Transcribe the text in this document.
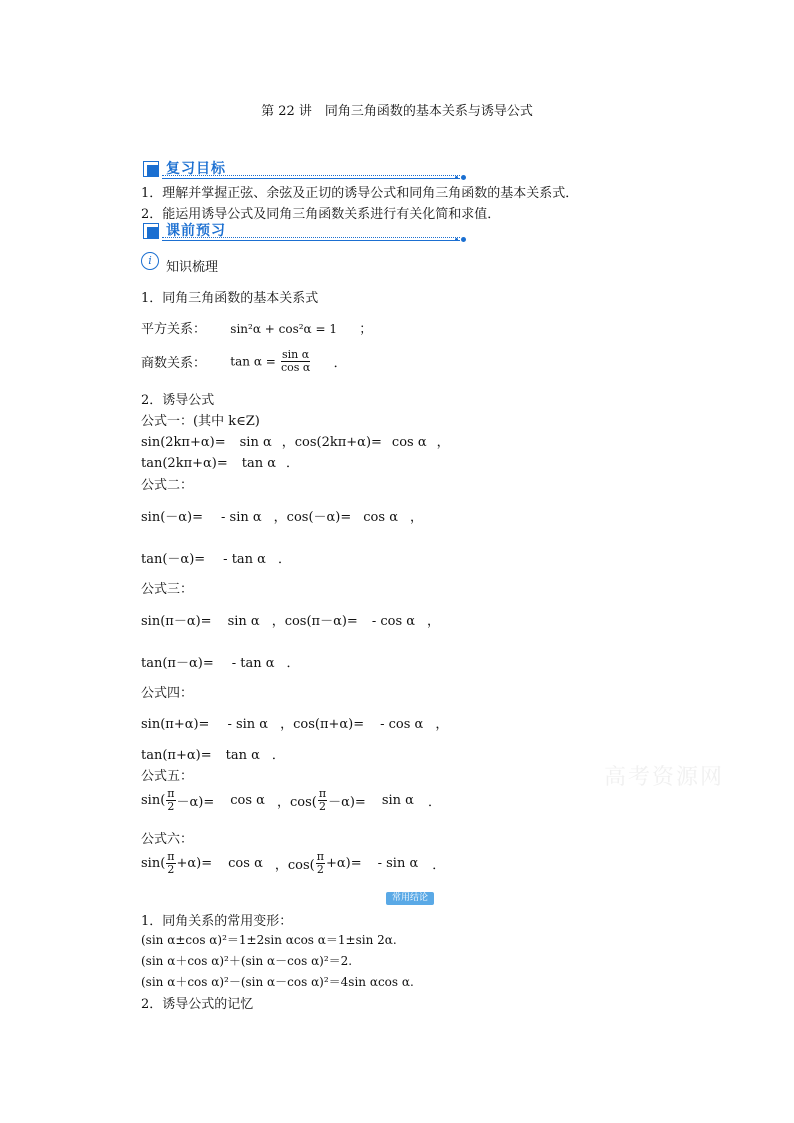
第 22 讲　同角三角函数的基本关系与诱导公式
复习目标
1．理解并掌握正弦、余弦及正切的诱导公式和同角三角函数的基本关系式．
2．能运用诱导公式及同角三角函数关系进行有关化简和求值．
课前预习
i	知识梳理
1．同角三角函数的基本关系式
平方关系： sin²α + cos²α = 1 ；
商数关系： $\tan \alpha = \frac{\text{sin α}}{\text{cos α}}$ ．
2．诱导公式
公式一：(其中 k∈Z)
sin(2kπ+α)= sin α ，cos(2kπ+α)= cos α ，
tan(2kπ+α)= tan α ．
公式二：
sin(－α)= - sin α ，cos(－α)= cos α ，
tan(－α)= - tan α ．
公式三：
sin(π－α)= sin α ，cos(π－α)= - cos α ，
tan(π－α)= - tan α ．
公式四：
sin(π+α)= - sin α ，cos(π+α)= - cos α ，
tan(π+α)= tan α ．
公式五：
$\sin( \frac{\pi}{2} -\alpha)= \cos \alpha$ ，$\cos( \frac{\pi}{2} -\alpha)= \sin \alpha$ ．
公式六：
$\sin( \frac{\pi}{2} +\alpha)= \cos \alpha$ ，$\cos( \frac{\pi}{2} +\alpha)= - \sin \alpha$ ．
常用结论
1．同角关系的常用变形：
(sin α±cos α)²＝1±2sin αcos α＝1±sin 2α.
(sin α＋cos α)²＋(sin α－cos α)²＝2.
(sin α＋cos α)²－(sin α－cos α)²＝4sin αcos α.
2．诱导公式的记忆
高考资源网
